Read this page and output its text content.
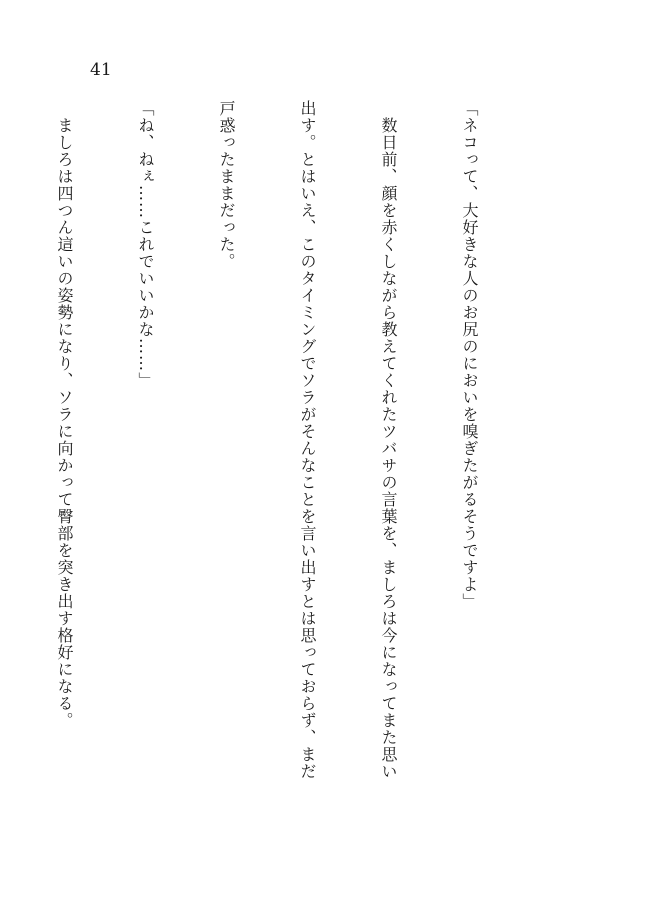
41

「ネコって、大好きな人のお尻のにおいを嗅ぎたがるそうですよ」

　数日前、顔を赤くしながら教えてくれたツバサの言葉を、ましろは今になってまた思い

出す。とはいえ、このタイミングでソラがそんなことを言い出すとは思っておらず、まだ

戸惑ったままだった。

「ね、ねぇ……これでいいかな……」

　ましろは四つん這いの姿勢になり、ソラに向かって臀部を突き出す格好になる。
